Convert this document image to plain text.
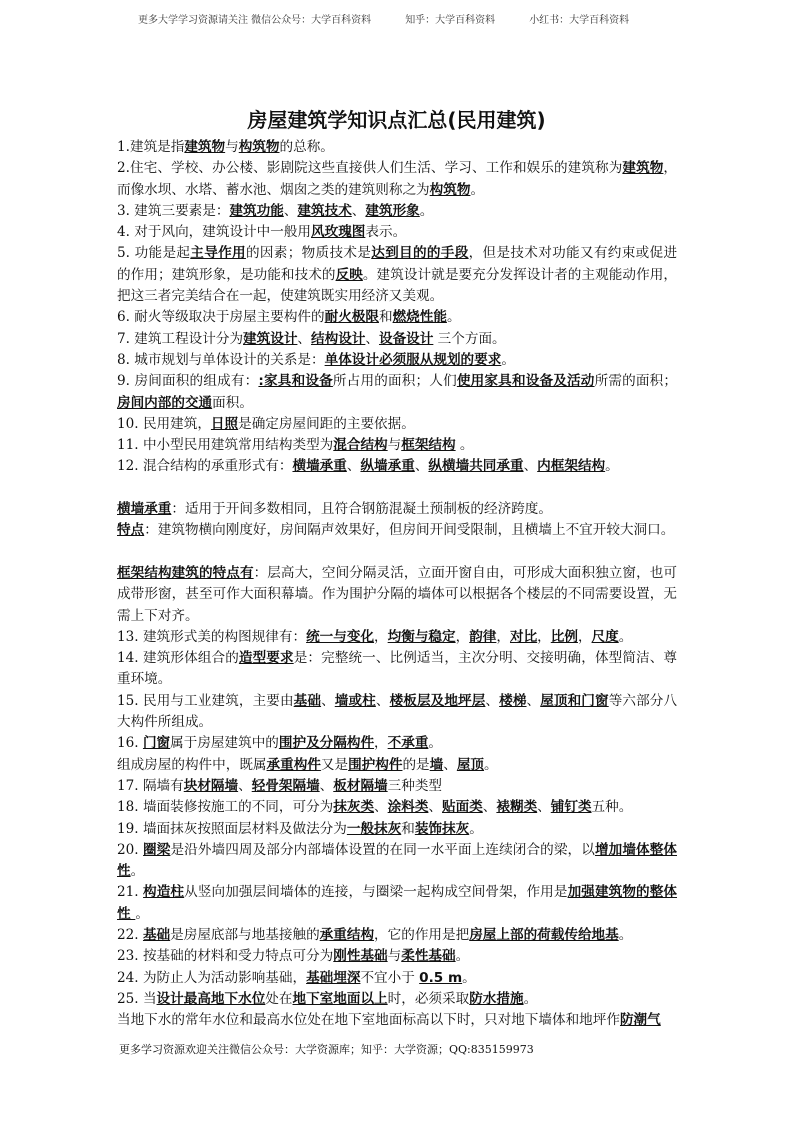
更多大学学习资源请关注 微信公众号：大学百科资料	知乎：大学百科资料	小红书：大学百科资料
房屋建筑学知识点汇总(民用建筑)

1.建筑是指建筑物与构筑物的总称。

2.住宅、学校、办公楼、影剧院这些直接供人们生活、学习、工作和娱乐的建筑称为建筑物，而像水坝、水塔、蓄水池、烟囱之类的建筑则称之为构筑物。

3. 建筑三要素是：建筑功能、建筑技术、建筑形象。

4. 对于风向，建筑设计中一般用风玫瑰图表示。

5. 功能是起主导作用的因素；物质技术是达到目的的手段，但是技术对功能又有约束或促进的作用；建筑形象，是功能和技术的反映。建筑设计就是要充分发挥设计者的主观能动作用，把这三者完美结合在一起，使建筑既实用经济又美观。

6. 耐火等级取决于房屋主要构件的耐火极限和燃烧性能。

7. 建筑工程设计分为建筑设计、结构设计、设备设计 三个方面。

8. 城市规划与单体设计的关系是：单体设计必须服从规划的要求。

9. 房间面积的组成有：:家具和设备所占用的面积；人们使用家具和设备及活动所需的面积；房间内部的交通面积。

10. 民用建筑，日照是确定房屋间距的主要依据。

11. 中小型民用建筑常用结构类型为混合结构与框架结构 。

12. 混合结构的承重形式有：横墙承重、纵墙承重、纵横墙共同承重、内框架结构。

横墙承重：适用于开间多数相同，且符合钢筋混凝土预制板的经济跨度。

特点：建筑物横向刚度好，房间隔声效果好，但房间开间受限制，且横墙上不宜开较大洞口。

框架结构建筑的特点有：层高大，空间分隔灵活，立面开窗自由，可形成大面积独立窗，也可成带形窗，甚至可作大面积幕墙。作为围护分隔的墙体可以根据各个楼层的不同需要设置，无需上下对齐。

13. 建筑形式美的构图规律有：统一与变化，均衡与稳定，韵律，对比，比例，尺度。

14. 建筑形体组合的造型要求是：完整统一、比例适当，主次分明、交接明确，体型简洁、尊重环境。

15. 民用与工业建筑，主要由基础、墙或柱、楼板层及地坪层、楼梯、屋顶和门窗等六部分八大构件所组成。

16. 门窗属于房屋建筑中的围护及分隔构件，不承重。

组成房屋的构件中，既属承重构件又是围护构件的是墙、屋顶。

17. 隔墙有块材隔墙、轻骨架隔墙、板材隔墙三种类型

18. 墙面装修按施工的不同，可分为抹灰类、涂料类、贴面类、裱糊类、铺钉类五种。

19. 墙面抹灰按照面层材料及做法分为一般抹灰和装饰抹灰。

20. 圈梁是沿外墙四周及部分内部墙体设置的在同一水平面上连续闭合的梁，以增加墙体整体性。

21. 构造柱从竖向加强层间墙体的连接，与圈梁一起构成空间骨架，作用是加强建筑物的整体性 。

22. 基础是房屋底部与地基接触的承重结构，它的作用是把房屋上部的荷载传给地基。

23. 按基础的材料和受力特点可分为刚性基础与柔性基础。

24. 为防止人为活动影响基础，基础埋深不宜小于 0.5 m。

25. 当设计最高地下水位处在地下室地面以上时，必须采取防水措施。

当地下水的常年水位和最高水位处在地下室地面标高以下时，只对地下墙体和地坪作防潮气

更多学习资源欢迎关注微信公众号：大学资源库；知乎：大学资源；QQ:835159973
